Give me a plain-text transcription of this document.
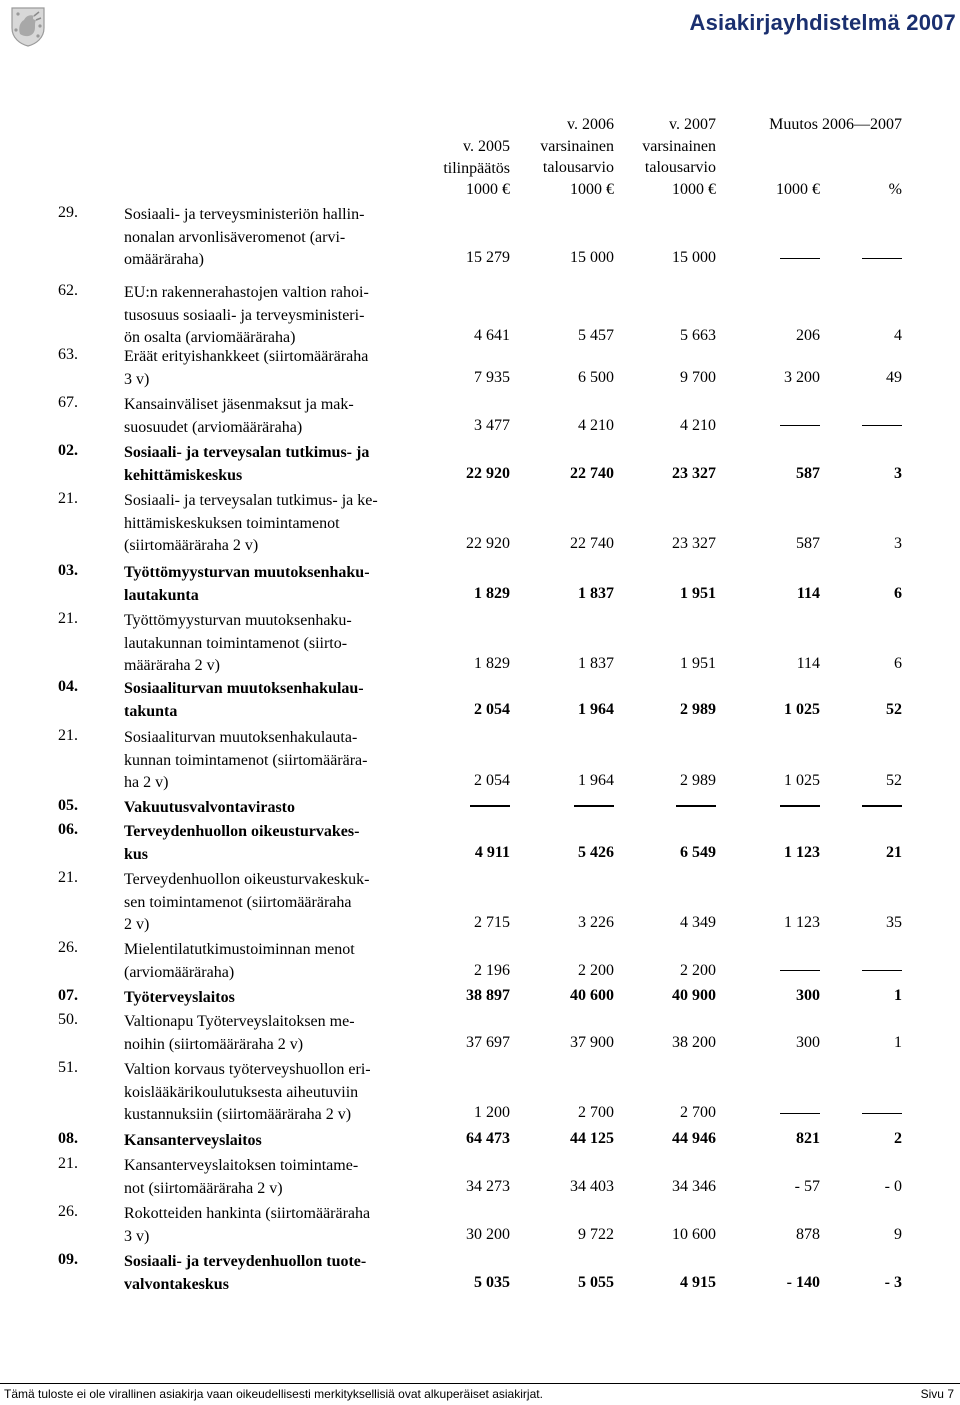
Asiakirjayhdistelmä 2007
v. 2005
tilinpäätös
1000 €
v. 2006
varsinainen
talousarvio
1000 €
v. 2007
varsinainen
talousarvio
1000 €
Muutos 2006—2007
1000 €	%
29.	Sosiaali- ja terveysministeriön hallin-
nonalan arvonlisäveromenot (arvi-
omääräraha)	15 279	15 000	15 000
62.	EU:n rakennerahastojen valtion rahoi-
tusosuus sosiaali- ja terveysministeri-
ön osalta (arviomääräraha)	4 641	5 457	5 663	206	4
63.	Eräät erityishankkeet (siirtomääräraha
3 v)	7 935	6 500	9 700	3 200	49
67.	Kansainväliset jäsenmaksut ja mak-
suosuudet (arviomääräraha)	3 477	4 210	4 210
02.	Sosiaali- ja terveysalan tutkimus- ja
kehittämiskeskus	22 920	22 740	23 327	587	3
21.	Sosiaali- ja terveysalan tutkimus- ja ke-
hittämiskeskuksen toimintamenot
(siirtomääräraha 2 v)	22 920	22 740	23 327	587	3
03.	Työttömyysturvan muutoksenhaku-
lautakunta	1 829	1 837	1 951	114	6
21.	Työttömyysturvan muutoksenhaku-
lautakunnan toimintamenot (siirto-
määräraha 2 v)	1 829	1 837	1 951	114	6
04.	Sosiaaliturvan muutoksenhakulau-
takunta	2 054	1 964	2 989	1 025	52
21.	Sosiaaliturvan muutoksenhakulauta-
kunnan toimintamenot (siirtomäärära-
ha 2 v)	2 054	1 964	2 989	1 025	52
05.	Vakuutusvalvontavirasto
06.	Terveydenhuollon oikeusturvakes-
kus	4 911	5 426	6 549	1 123	21
21.	Terveydenhuollon oikeusturvakeskuk-
sen toimintamenot (siirtomääräraha
2 v)	2 715	3 226	4 349	1 123	35
26.	Mielentilatutkimustoiminnan menot
(arviomääräraha)	2 196	2 200	2 200
07.	Työterveyslaitos	38 897	40 600	40 900	300	1
50.	Valtionapu Työterveyslaitoksen me-
noihin (siirtomääräraha 2 v)	37 697	37 900	38 200	300	1
51.	Valtion korvaus työterveyshuollon eri-
koislääkärikoulutuksesta aiheutuviin
kustannuksiin (siirtomääräraha 2 v)	1 200	2 700	2 700
08.	Kansanterveyslaitos	64 473	44 125	44 946	821	2
21.	Kansanterveyslaitoksen toimintame-
not (siirtomääräraha 2 v)	34 273	34 403	34 346	- 57	- 0
26.	Rokotteiden hankinta (siirtomääräraha
3 v)	30 200	9 722	10 600	878	9
09.	Sosiaali- ja terveydenhuollon tuote-
valvontakeskus	5 035	5 055	4 915	- 140	- 3
Tämä tuloste ei ole virallinen asiakirja vaan oikeudellisesti merkityksellisiä ovat alkuperäiset asiakirjat.	Sivu 7
